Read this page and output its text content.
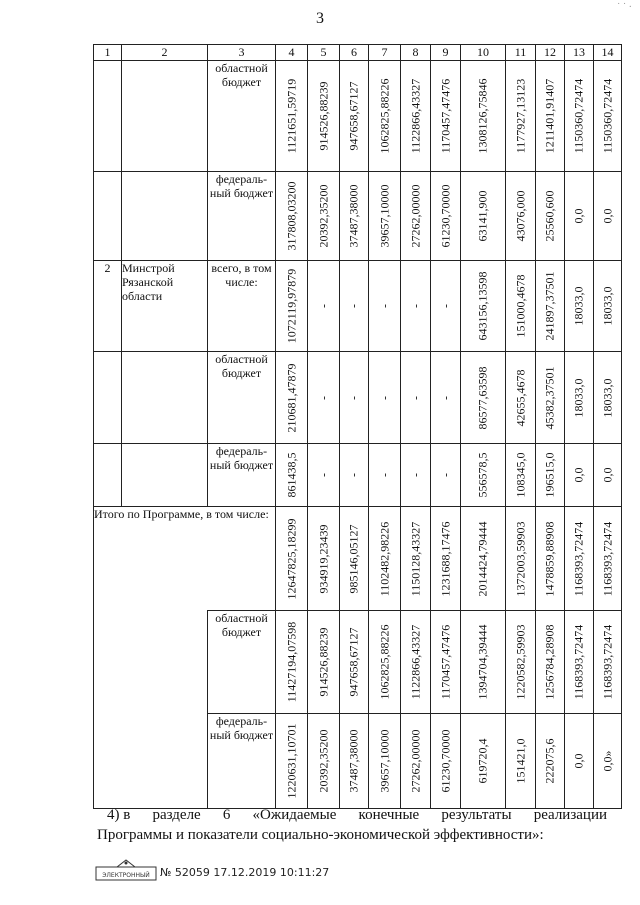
3
˙ ˙ ·
1	2	3	4	5	6	7	8	9	10	11	12	13	14
		областной бюджет	1121651,59719	914526,88239	947658,67127	1062825,88226	1122866,43327	1170457,47476	1308126,75846	1177927,13123	1211401,91407	1150360,72474	1150360,72474

		федераль-ный бюджет	317808,03200	20392,35200	37487,38000	39657,10000	27262,00000	61230,70000	63141,900	43076,000	25560,600	0,0	0,0

2	Минстрой Рязанской области	всего, в том числе:	1072119,97879	-	-	-	-	-	643156,13598	151000,4678	241897,37501	18033,0	18033,0

		областной бюджет	210681,47879	-	-	-	-	-	86577,63598	42655,4678	45382,37501	18033,0	18033,0

		федераль-ный бюджет	861438,5	-	-	-	-	-	556578,5	108345,0	196515,0	0,0	0,0

Итого по Программе, в том числе:			12647825,18299	934919,23439	985146,05127	1102482,98226	1150128,43327	1231688,17476	2014424,79444	1372003,59903	1478859,88908	1168393,72474	1168393,72474

		областной бюджет	11427194,07598	914526,88239	947658,67127	1062825,88226	1122866,43327	1170457,47476	1394704,39444	1220582,59903	1256784,28908	1168393,72474	1168393,72474

		федераль-ный бюджет	1220631,10701	20392,35200	37487,38000	39657,10000	27262,00000	61230,70000	619720,4	151421,0	222075,6	0,0	0,0»
4) в разделе 6 «Ожидаемые конечные результаты реализации
Программы и показатели социально-экономической эффективности»:
ЭЛЕКТРОННЫЙ № 52059 17.12.2019 10:11:27
